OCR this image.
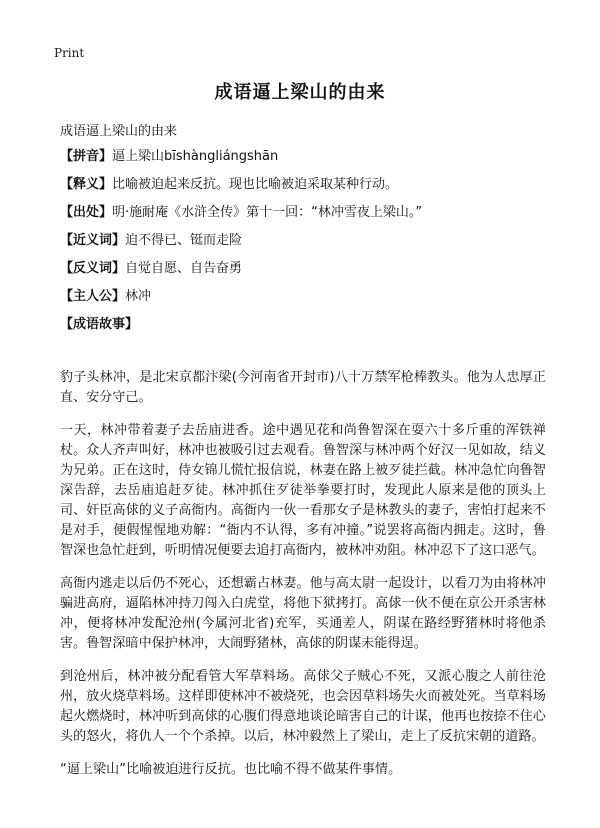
Print
成语逼上梁山的由来
成语逼上梁山的由来
【拼音】逼上梁山bīshàngliángshān
【释义】比喻被迫起来反抗。现也比喻被迫采取某种行动。
【出处】明·施耐庵《水浒全传》第十一回：“林冲雪夜上梁山。”
【近义词】迫不得已、铤而走险
【反义词】自觉自愿、自告奋勇
【主人公】林冲
【成语故事】

豹子头林冲，是北宋京都汴梁(今河南省开封市)八十万禁军枪棒教头。他为人忠厚正直、安分守己。

一天，林冲带着妻子去岳庙进香。途中遇见花和尚鲁智深在耍六十多斤重的浑铁禅杖。众人齐声叫好，林冲也被吸引过去观看。鲁智深与林冲两个好汉一见如故，结义为兄弟。正在这时，侍女锦儿慌忙报信说，林妻在路上被歹徒拦截。林冲急忙向鲁智深告辞，去岳庙追赶歹徒。林冲抓住歹徒举拳要打时，发现此人原来是他的顶头上司、奸臣高俅的义子高衙内。高衙内一伙一看那女子是林教头的妻子，害怕打起来不是对手，便假惺惺地劝解：“衙内不认得，多有冲撞。”说罢将高衙内拥走。这时，鲁智深也急忙赶到，听明情况便要去追打高衙内，被林冲劝阻。林冲忍下了这口恶气。

高衙内逃走以后仍不死心，还想霸占林妻。他与高太尉一起设计，以看刀为由将林冲骗进高府，逼陷林冲持刀闯入白虎堂，将他下狱拷打。高俅一伙不便在京公开杀害林冲，便将林冲发配沧州(今属河北省)充军，买通差人，阴谋在路经野猪林时将他杀害。鲁智深暗中保护林冲，大闹野猪林，高俅的阴谋未能得逞。

到沧州后，林冲被分配看管大军草料场。高俅父子贼心不死，又派心腹之人前往沧州，放火烧草料场。这样即使林冲不被烧死，也会因草料场失火而被处死。当草料场起火燃烧时，林冲听到高俅的心腹们得意地谈论暗害自己的计谋，他再也按捺不住心头的怒火，将仇人一个个杀掉。以后，林冲毅然上了梁山，走上了反抗宋朝的道路。

“逼上梁山”比喻被迫进行反抗。也比喻不得不做某件事情。
